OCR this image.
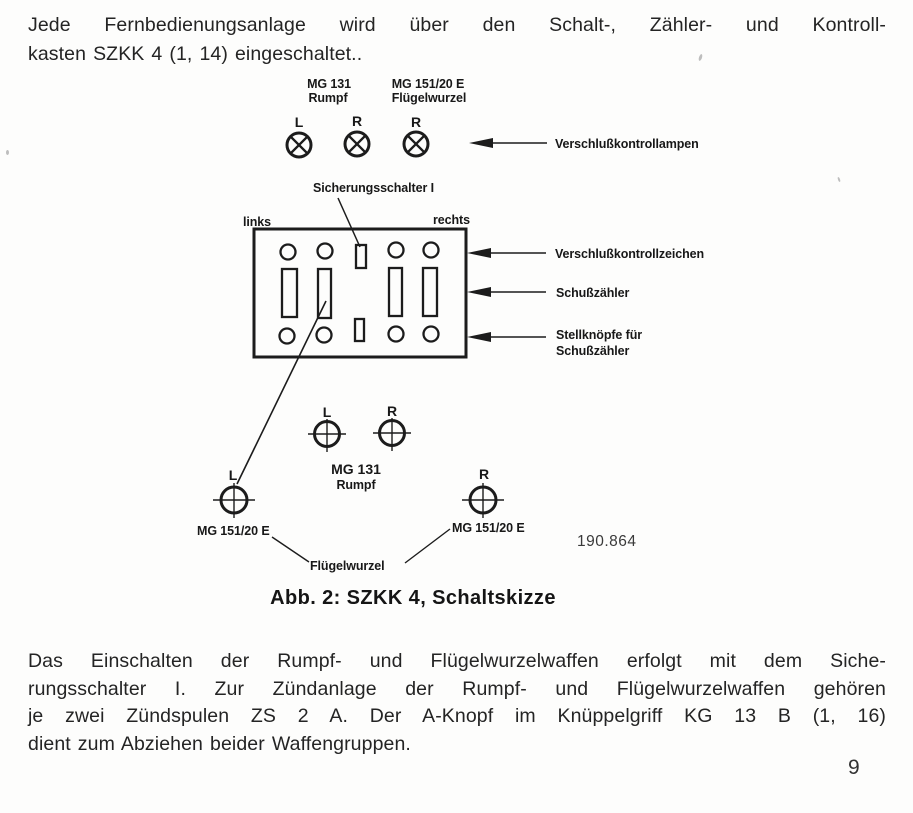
Jede Fernbedienungsanlage wird über den Schalt-, Zähler- und Kontroll-
kasten SZKK 4 (1, 14) eingeschaltet..
MG 131
Rumpf
MG 151/20 E
Flügelwurzel
L	R	R
Verschlußkontrollampen
Sicherungsschalter I
links	rechts
Verschlußkontrollzeichen
Schußzähler
Stellknöpfe für
Schußzähler
L	R
MG 131
Rumpf
L
MG 151/20 E
R
MG 151/20 E
Flügelwurzel
190.864
Abb. 2: SZKK 4, Schaltskizze
Das Einschalten der Rumpf- und Flügelwurzelwaffen erfolgt mit dem Siche-
rungsschalter I. Zur Zündanlage der Rumpf- und Flügelwurzelwaffen gehören
je zwei Zündspulen ZS 2 A. Der A-Knopf im Knüppelgriff KG 13 B (1, 16)
dient zum Abziehen beider Waffengruppen.
9
